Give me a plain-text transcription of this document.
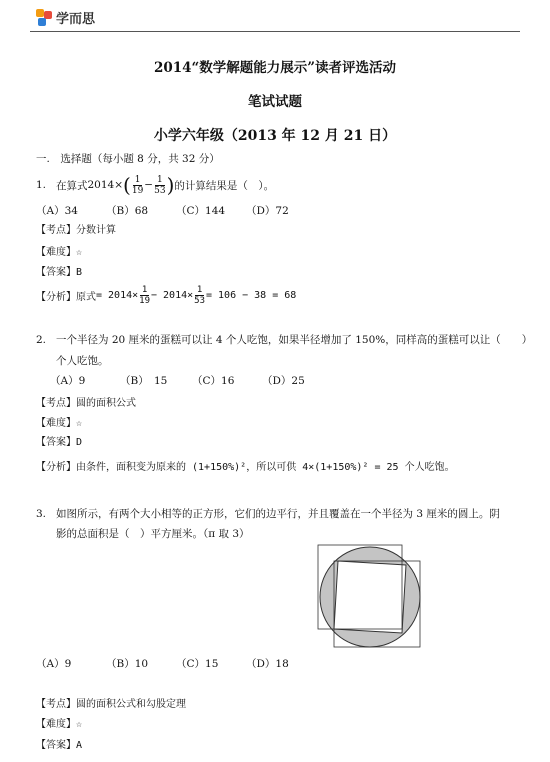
学而思
2014“数学解题能力展示”读者评选活动
笔试试题
小学六年级（2013 年 12 月 21 日）
一.　选择题（每小题 8 分，共 32 分）
1. 在算式 2014× ( $\frac{1}{19} - \frac{1}{53}$ ) 的计算结果是（　）。
（A）34	（B）68	（C）144 （D）72
【考点】分数计算
【难度】☆
【答案】B
【分析】原式 = $2014\times \frac{1}{19} - 2014\times \frac{1}{53} = 106 - 38 = 68$
2. 一个半径为 20 厘米的蛋糕可以让 4 个人吃饱，如果半径增加了 150%，同样高的蛋糕可以让（　　）
个人吃饱。
（A）9	（B）　15 （C）16	（D）25
【考点】圆的面积公式
【难度】☆
【答案】D
【分析】由条件，面积变为原来的 (1+150%)²，所以可供 4×(1+150%)² = 25 个人吃饱。
3. 如图所示，有两个大小相等的正方形，它们的边平行，并且覆盖在一个半径为 3 厘米的圆上。阴
影的总面积是（　）平方厘米。（π 取 3）
（A）9	（B）10	（C）15	（D）18
【考点】圆的面积公式和勾股定理
【难度】☆
【答案】A
